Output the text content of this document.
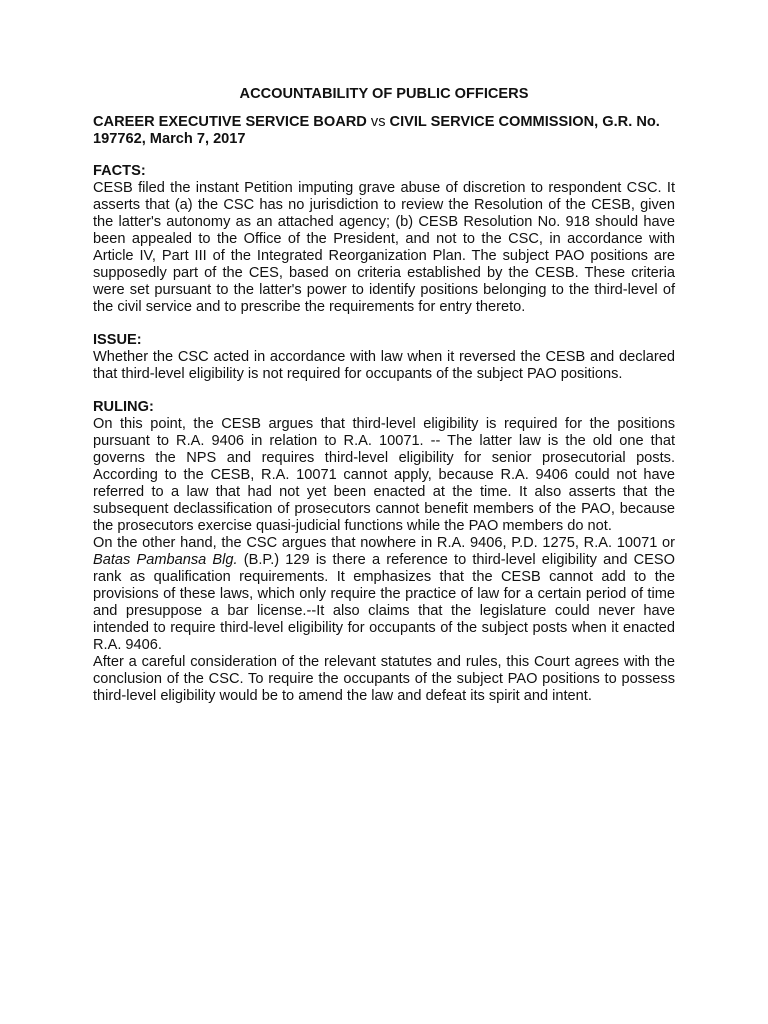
ACCOUNTABILITY OF PUBLIC OFFICERS
CAREER EXECUTIVE SERVICE BOARD vs CIVIL SERVICE COMMISSION, G.R. No. 197762, March 7, 2017
FACTS:
CESB filed the instant Petition imputing grave abuse of discretion to respondent CSC. It asserts that (a) the CSC has no jurisdiction to review the Resolution of the CESB, given the latter's autonomy as an attached agency; (b) CESB Resolution No. 918 should have been appealed to the Office of the President, and not to the CSC, in accordance with Article IV, Part III of the Integrated Reorganization Plan. The subject PAO positions are supposedly part of the CES, based on criteria established by the CESB. These criteria were set pursuant to the latter's power to identify positions belonging to the third-level of the civil service and to prescribe the requirements for entry thereto.
ISSUE:
Whether the CSC acted in accordance with law when it reversed the CESB and declared that third-level eligibility is not required for occupants of the subject PAO positions.
RULING:
On this point, the CESB argues that third-level eligibility is required for the positions pursuant to R.A. 9406 in relation to R.A. 10071. -- The latter law is the old one that governs the NPS and requires third-level eligibility for senior prosecutorial posts. According to the CESB, R.A. 10071 cannot apply, because R.A. 9406 could not have referred to a law that had not yet been enacted at the time. It also asserts that the subsequent declassification of prosecutors cannot benefit members of the PAO, because the prosecutors exercise quasi-judicial functions while the PAO members do not.
On the other hand, the CSC argues that nowhere in R.A. 9406, P.D. 1275, R.A. 10071 or Batas Pambansa Blg. (B.P.) 129 is there a reference to third-level eligibility and CESO rank as qualification requirements. It emphasizes that the CESB cannot add to the provisions of these laws, which only require the practice of law for a certain period of time and presuppose a bar license.--It also claims that the legislature could never have intended to require third-level eligibility for occupants of the subject posts when it enacted R.A. 9406.
After a careful consideration of the relevant statutes and rules, this Court agrees with the conclusion of the CSC. To require the occupants of the subject PAO positions to possess third-level eligibility would be to amend the law and defeat its spirit and intent.
